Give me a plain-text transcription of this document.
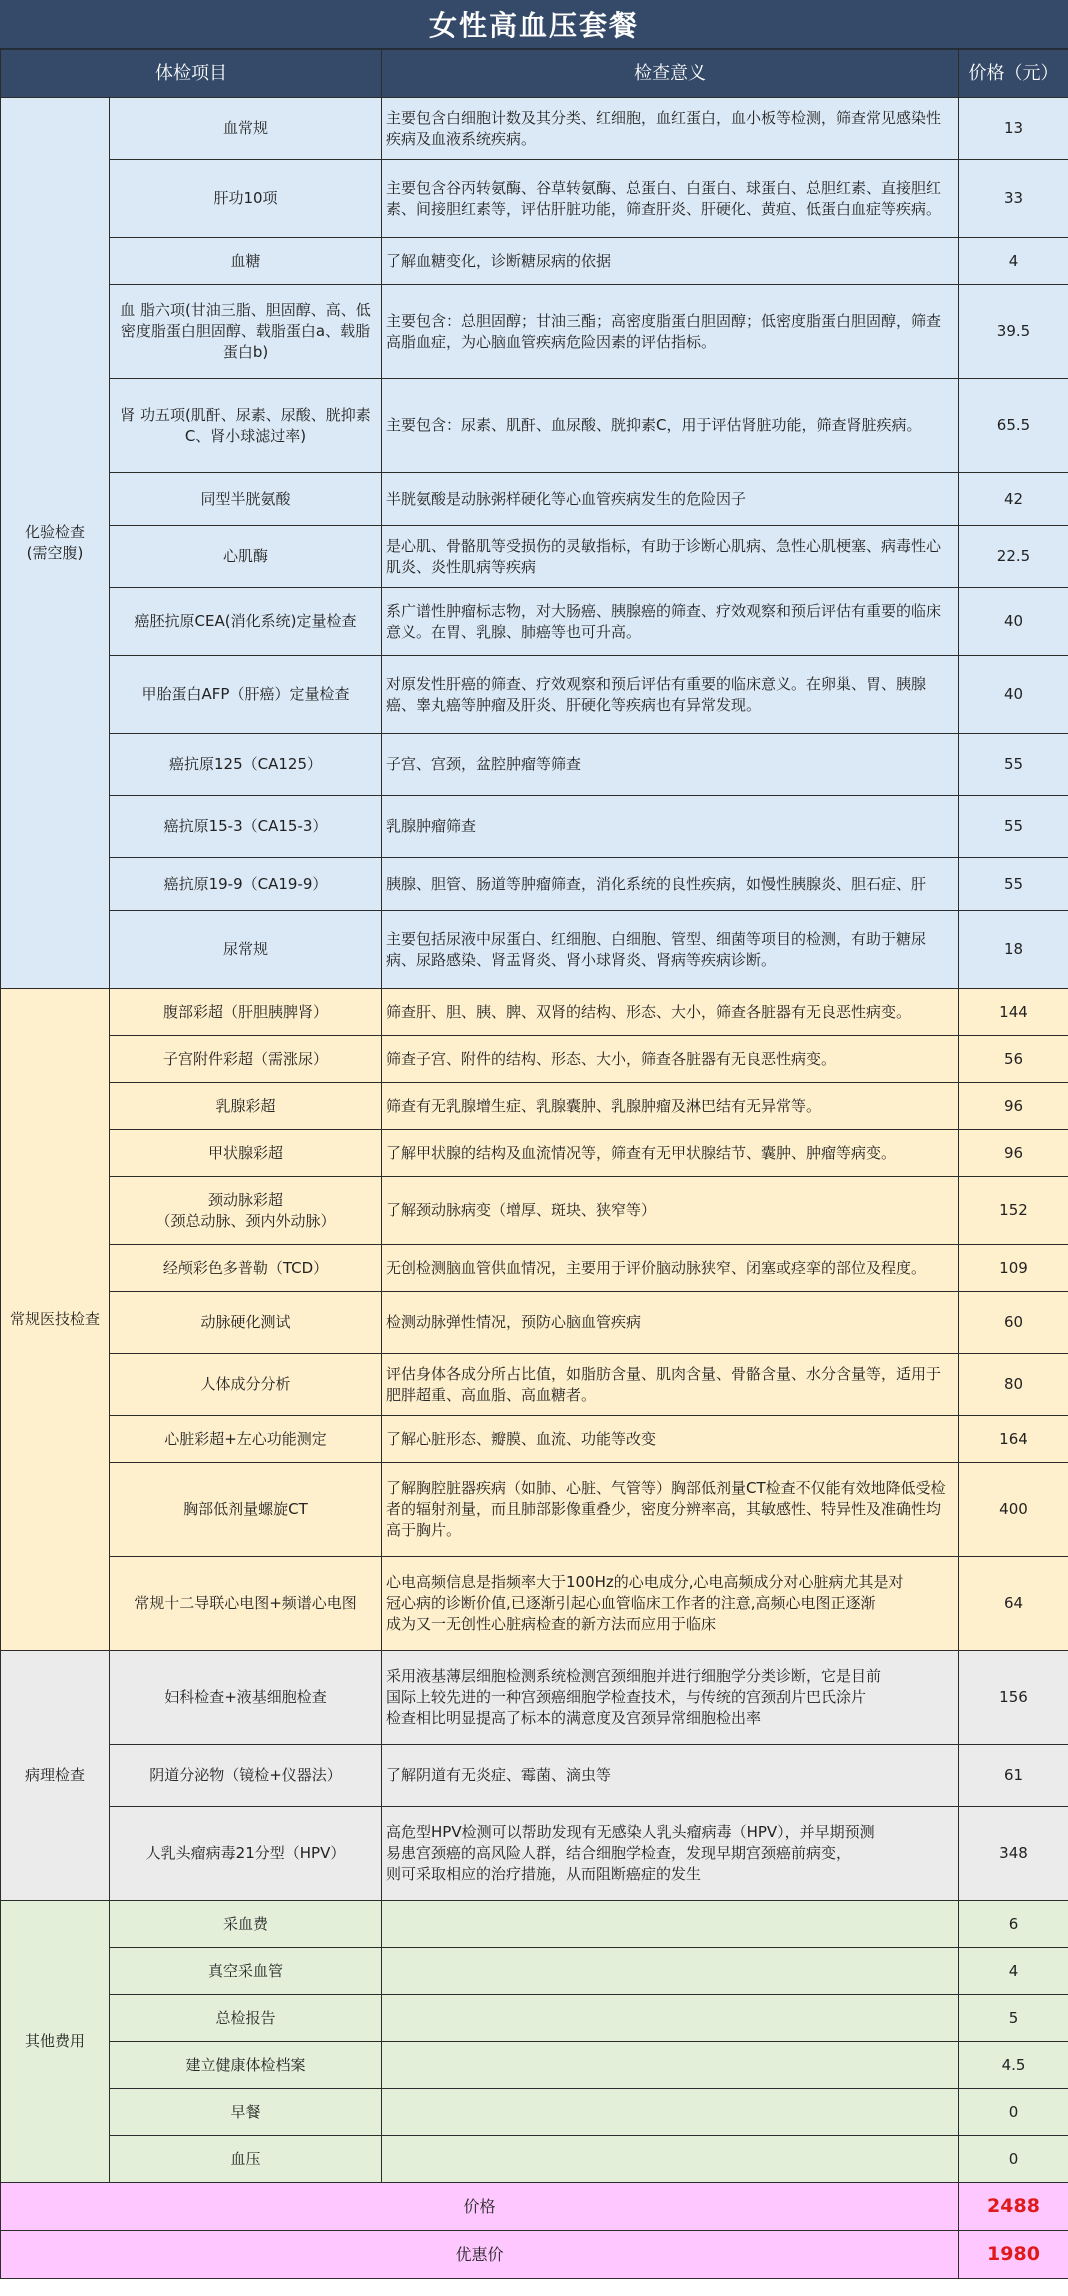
女性高血压套餐
体检项目		检查意义	价格（元）
化验检查
(需空腹)	血常规	主要包含白细胞计数及其分类、红细胞，血红蛋白，血小板等检测，筛查常见感染性疾病及血液系统疾病。	13
	肝功10项	主要包含谷丙转氨酶、谷草转氨酶、总蛋白、白蛋白、球蛋白、总胆红素、直接胆红素、间接胆红素等，评估肝脏功能，筛查肝炎、肝硬化、黄疸、低蛋白血症等疾病。	33
	血糖	了解血糖变化，诊断糖尿病的依据	4
	血 脂六项(甘油三脂、胆固醇、高、低密度脂蛋白胆固醇、载脂蛋白a、载脂蛋白b)	主要包含：总胆固醇；甘油三酯；高密度脂蛋白胆固醇；低密度脂蛋白胆固醇，筛查高脂血症，为心脑血管疾病危险因素的评估指标。	39.5
	肾 功五项(肌酐、尿素、尿酸、胱抑素C、肾小球滤过率)	主要包含：尿素、肌酐、血尿酸、胱抑素C，用于评估肾脏功能，筛查肾脏疾病。	65.5
	同型半胱氨酸	半胱氨酸是动脉粥样硬化等心血管疾病发生的危险因子	42
	心肌酶	是心肌、骨骼肌等受损伤的灵敏指标，有助于诊断心肌病、急性心肌梗塞、病毒性心肌炎、炎性肌病等疾病	22.5
	癌胚抗原CEA(消化系统)定量检查	系广谱性肿瘤标志物，对大肠癌、胰腺癌的筛查、疗效观察和预后评估有重要的临床意义。在胃、乳腺、肺癌等也可升高。	40
	甲胎蛋白AFP（肝癌）定量检查	对原发性肝癌的筛查、疗效观察和预后评估有重要的临床意义。在卵巢、胃、胰腺癌、睾丸癌等肿瘤及肝炎、肝硬化等疾病也有异常发现。	40
	癌抗原125（CA125）	子宫、宫颈，盆腔肿瘤等筛查	55
	癌抗原15-3（CA15-3）	乳腺肿瘤筛查	55
	癌抗原19-9（CA19-9）	胰腺、胆管、肠道等肿瘤筛查，消化系统的良性疾病，如慢性胰腺炎、胆石症、肝	55
	尿常规	主要包括尿液中尿蛋白、红细胞、白细胞、管型、细菌等项目的检测，有助于糖尿病、尿路感染、肾盂肾炎、肾小球肾炎、肾病等疾病诊断。	18
常规医技检查	腹部彩超（肝胆胰脾肾）	筛查肝、胆、胰、脾、双肾的结构、形态、大小，筛查各脏器有无良恶性病变。	144
	子宫附件彩超（需涨尿）	筛查子宫、附件的结构、形态、大小，筛查各脏器有无良恶性病变。	56
	乳腺彩超	筛查有无乳腺增生症、乳腺囊肿、乳腺肿瘤及淋巴结有无异常等。	96
	甲状腺彩超	了解甲状腺的结构及血流情况等，筛查有无甲状腺结节、囊肿、肿瘤等病变。	96
	颈动脉彩超
（颈总动脉、颈内外动脉）	了解颈动脉病变（增厚、斑块、狭窄等）	152
	经颅彩色多普勒（TCD）	无创检测脑血管供血情况，主要用于评价脑动脉狭窄、闭塞或痉挛的部位及程度。	109
	动脉硬化测试	检测动脉弹性情况，预防心脑血管疾病	60
	人体成分分析	评估身体各成分所占比值，如脂肪含量、肌肉含量、骨骼含量、水分含量等，适用于肥胖超重、高血脂、高血糖者。	80
	心脏彩超+左心功能测定	了解心脏形态、瓣膜、血流、功能等改变	164
	胸部低剂量螺旋CT	了解胸腔脏器疾病（如肺、心脏、气管等）胸部低剂量CT检查不仅能有效地降低受检者的辐射剂量，而且肺部影像重叠少，密度分辨率高，其敏感性、特异性及准确性均高于胸片。	400
	常规十二导联心电图+频谱心电图	心电高频信息是指频率大于100Hz的心电成分,心电高频成分对心脏病尤其是对
冠心病的诊断价值,已逐渐引起心血管临床工作者的注意,高频心电图正逐渐
成为又一无创性心脏病检查的新方法而应用于临床	64
病理检查	妇科检查+液基细胞检查	采用液基薄层细胞检测系统检测宫颈细胞并进行细胞学分类诊断，它是目前
国际上较先进的一种宫颈癌细胞学检查技术，与传统的宫颈刮片巴氏涂片
检查相比明显提高了标本的满意度及宫颈异常细胞检出率	156
	阴道分泌物（镜检+仪器法）	了解阴道有无炎症、霉菌、滴虫等	61
	人乳头瘤病毒21分型（HPV）	高危型HPV检测可以帮助发现有无感染人乳头瘤病毒（HPV），并早期预测
易患宫颈癌的高风险人群，结合细胞学检查，发现早期宫颈癌前病变，
则可采取相应的治疗措施，从而阻断癌症的发生	348
其他费用	采血费		6
	真空采血管		4
	总检报告		5
	建立健康体检档案		4.5
	早餐		0
	血压		0
价格			2488
优惠价			1980
